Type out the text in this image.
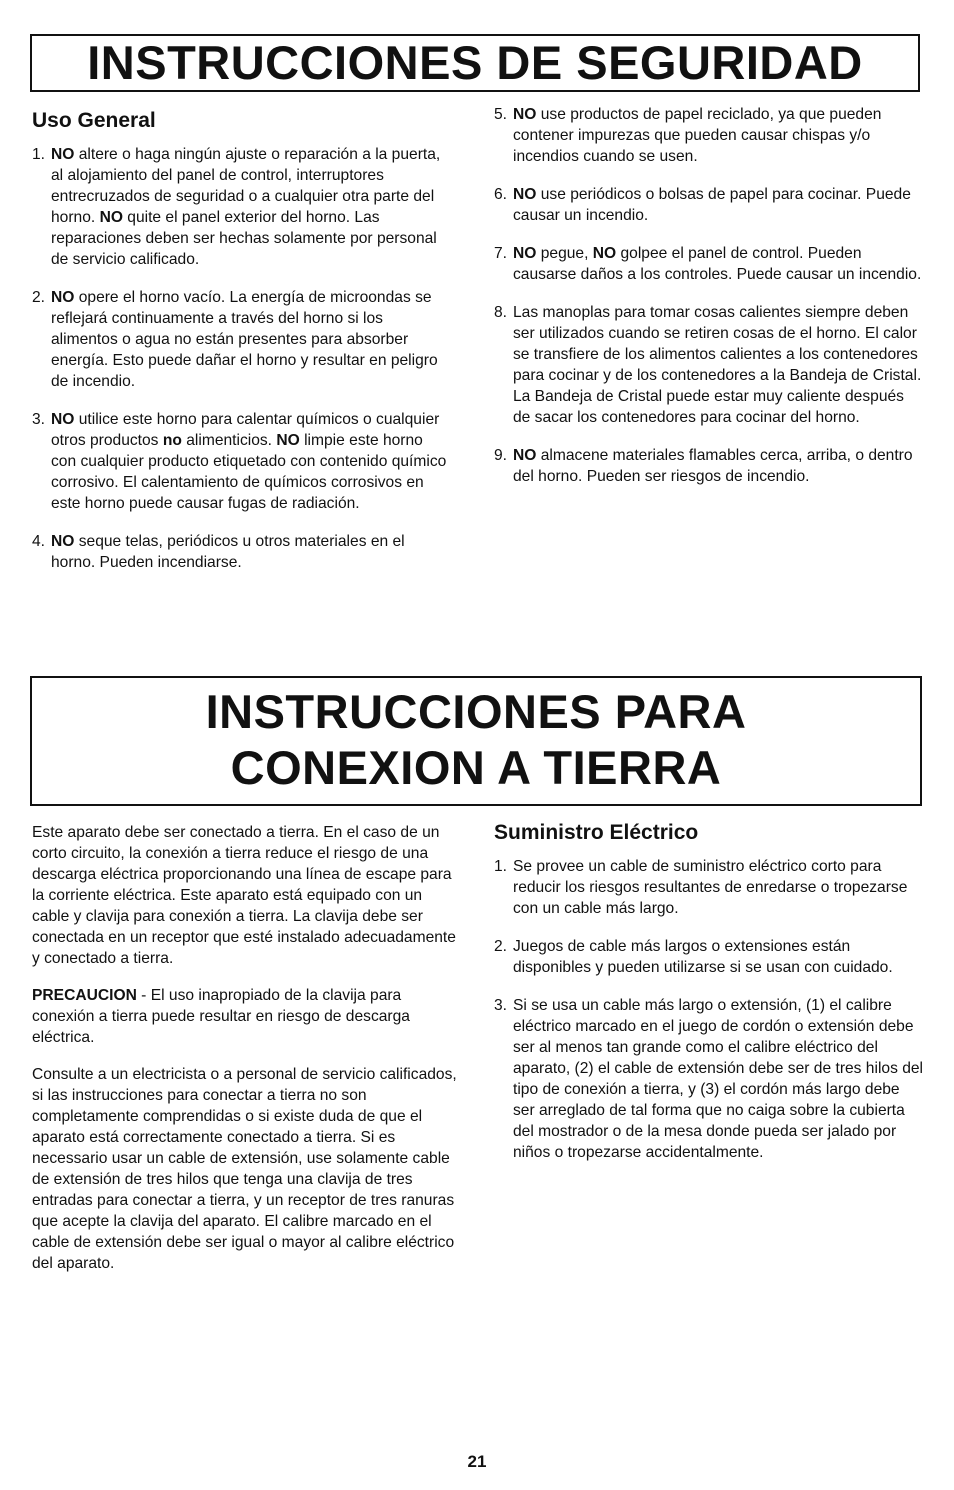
INSTRUCCIONES DE SEGURIDAD
Uso General
1. NO altere o haga ningún ajuste o reparación a la puerta, al alojamiento del panel de control, interruptores entrecruzados de seguridad o a cualquier otra parte del horno. NO quite el panel exterior del horno. Las reparaciones deben ser hechas solamente por personal de servicio calificado.
2. NO opere el horno vacío. La energía de microondas se reflejará continuamente a través del horno si los alimentos o agua no están presentes para absorber energía. Esto puede dañar el horno y resultar en peligro de incendio.
3. NO utilice este horno para calentar químicos o cualquier otros productos no alimenticios. NO limpie este horno con cualquier producto etiquetado con contenido químico corrosivo. El calentamiento de químicos corrosivos en este horno puede causar fugas de radiación.
4. NO seque telas, periódicos u otros materiales en el horno. Pueden incendiarse.
5. NO use productos de papel reciclado, ya que pueden contener impurezas que pueden causar chispas y/o incendios cuando se usen.
6. NO use periódicos o bolsas de papel para cocinar. Puede causar un incendio.
7. NO pegue, NO golpee el panel de control. Pueden causarse daños a los controles. Puede causar un incendio.
8. Las manoplas para tomar cosas calientes siempre deben ser utilizados cuando se retiren cosas de el horno. El calor se transfiere de los alimentos calientes a los contenedores para cocinar y de los contenedores a la Bandeja de Cristal. La Bandeja de Cristal puede estar muy caliente después de sacar los contenedores para cocinar del horno.
9. NO almacene materiales flamables cerca, arriba, o dentro del horno. Pueden ser riesgos de incendio.
INSTRUCCIONES PARA
CONEXION A TIERRA

Este aparato debe ser conectado a tierra. En el caso de un corto circuito, la conexión a tierra reduce el riesgo de una descarga eléctrica proporcionando una línea de escape para la corriente eléctrica. Este aparato está equipado con un cable y clavija para conexión a tierra. La clavija debe ser conectada en un receptor que esté instalado adecuadamente y conectado a tierra.

PRECAUCION - El uso inapropiado de la clavija para conexión a tierra puede resultar en riesgo de descarga eléctrica.

Consulte a un electricista o a personal de servicio calificados, si las instrucciones para conectar a tierra no son completamente comprendidas o si existe duda de que el aparato está correctamente conectado a tierra. Si es necessario usar un cable de extensión, use solamente cable de extensión de tres hilos que tenga una clavija de tres entradas para conectar a tierra, y un receptor de tres ranuras que acepte la clavija del aparato. El calibre marcado en el cable de extensión debe ser igual o mayor al calibre eléctrico del aparato.

Suministro Eléctrico
1. Se provee un cable de suministro eléctrico corto para reducir los riesgos resultantes de enredarse o tropezarse con un cable más largo.
2. Juegos de cable más largos o extensiones están disponibles y pueden utilizarse si se usan con cuidado.
3. Si se usa un cable más largo o extensión, (1) el calibre eléctrico marcado en el juego de cordón o extensión debe ser al menos tan grande como el calibre eléctrico del aparato, (2) el cable de extensión debe ser de tres hilos del tipo de conexión a tierra, y (3) el cordón más largo debe ser arreglado de tal forma que no caiga sobre la cubierta del mostrador o de la mesa donde pueda ser jalado por niños o tropezarse accidentalmente.
21
